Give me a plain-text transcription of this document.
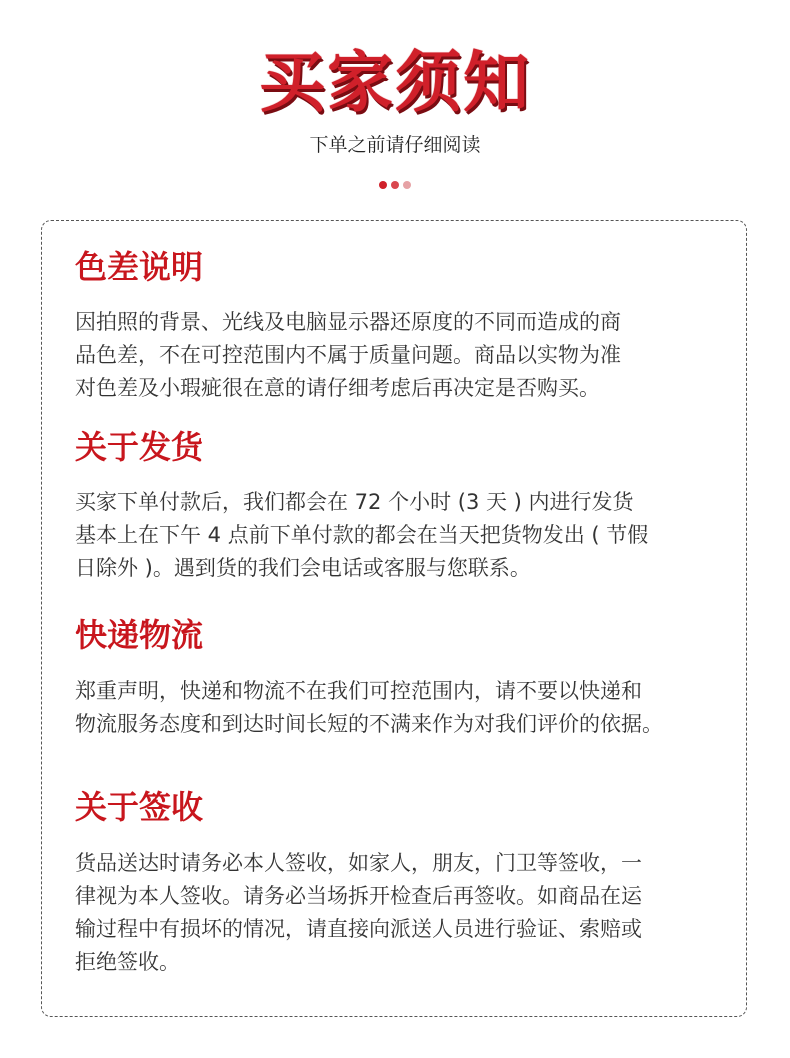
买家须知
下单之前请仔细阅读
色差说明
因拍照的背景、光线及电脑显示器还原度的不同而造成的商
品色差，不在可控范围内不属于质量问题。商品以实物为准
对色差及小瑕疵很在意的请仔细考虑后再决定是否购买。
关于发货
买家下单付款后，我们都会在 72 个小时 (3 天 ) 内进行发货
基本上在下午 4 点前下单付款的都会在当天把货物发出 ( 节假
日除外 )。遇到货的我们会电话或客服与您联系。
快递物流
郑重声明，快递和物流不在我们可控范围内，请不要以快递和
物流服务态度和到达时间长短的不满来作为对我们评价的依据。
关于签收
货品送达时请务必本人签收，如家人，朋友，门卫等签收，一
律视为本人签收。请务必当场拆开检查后再签收。如商品在运
输过程中有损坏的情况，请直接向派送人员进行验证、索赔或
拒绝签收。
